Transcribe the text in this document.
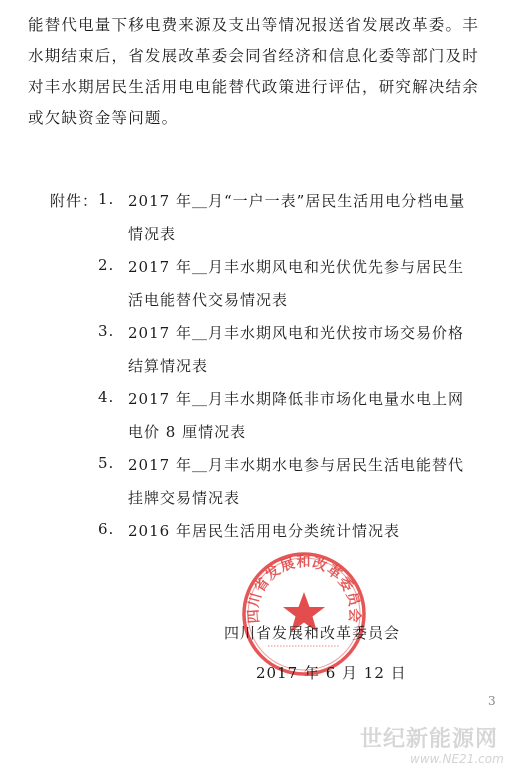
能替代电量下移电费来源及支出等情况报送省发展改革委。丰
水期结束后，省发展改革委会同省经济和信息化委等部门及时
对丰水期居民生活用电电能替代政策进行评估，研究解决结余
或欠缺资金等问题。
附件： 1. 2017 年＿月“一户一表”居民生活用电分档电量
情况表
2. 2017 年＿月丰水期风电和光伏优先参与居民生
活电能替代交易情况表
3. 2017 年＿月丰水期风电和光伏按市场交易价格
结算情况表
4. 2017 年＿月丰水期降低非市场化电量水电上网
电价 8 厘情况表
5. 2017 年＿月丰水期水电参与居民生活电能替代
挂牌交易情况表
6. 2016 年居民生活用电分类统计情况表
四川省发展和改革委员会
四川省发展和改革委员会
2017 年 6 月 12 日
3
世纪新能源网
www.NE21.com
